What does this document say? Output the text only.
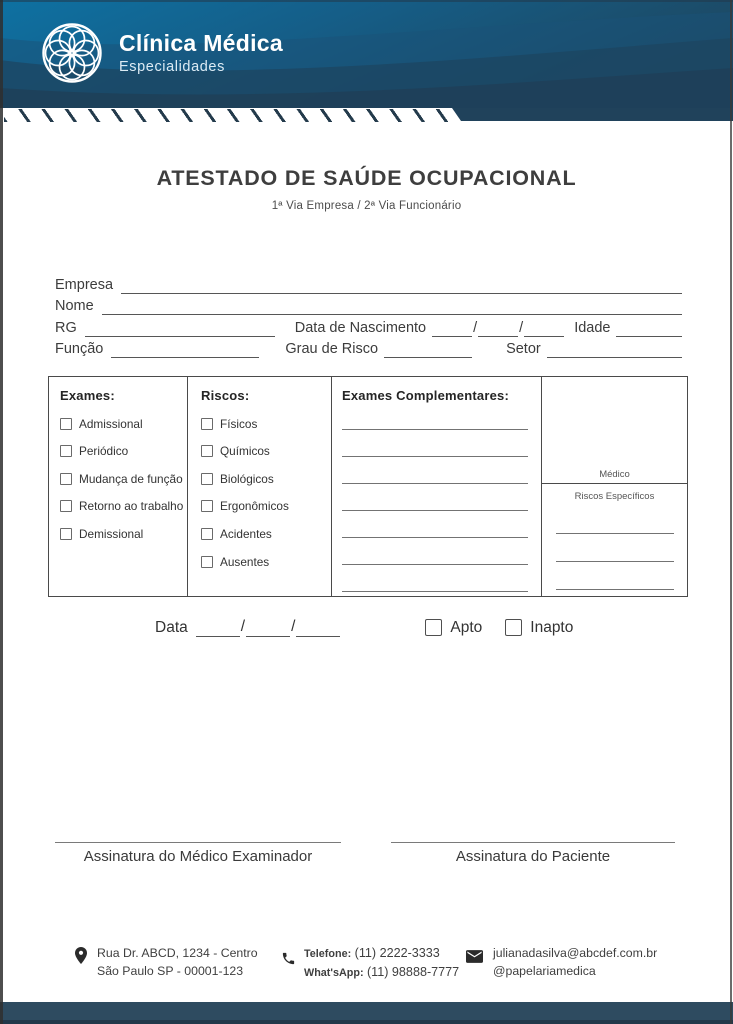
Clínica Médica
Especialidades
ATESTADO DE SAÚDE OCUPACIONAL
1ª Via Empresa / 2ª Via Funcionário
Empresa
Nome
RG	Data de Nascimento	/	/	Idade
Função	Grau de Risco	Setor
Exames:
Admissional
Periódico
Mudança de função
Retorno ao trabalho
Demissional
Riscos:
Físicos
Químicos
Biológicos
Ergonômicos
Acidentes
Ausentes
Exames Complementares:
Médico
Riscos Específicos
Data	/	/	Apto	Inapto
Assinatura do Médico Examinador	Assinatura do Paciente
Rua Dr. ABCD, 1234 - Centro
São Paulo SP - 00001-123
Telefone: (11) 2222-3333
What'sApp: (11) 98888-7777
julianadasilva@abcdef.com.br
@papelariamedica
